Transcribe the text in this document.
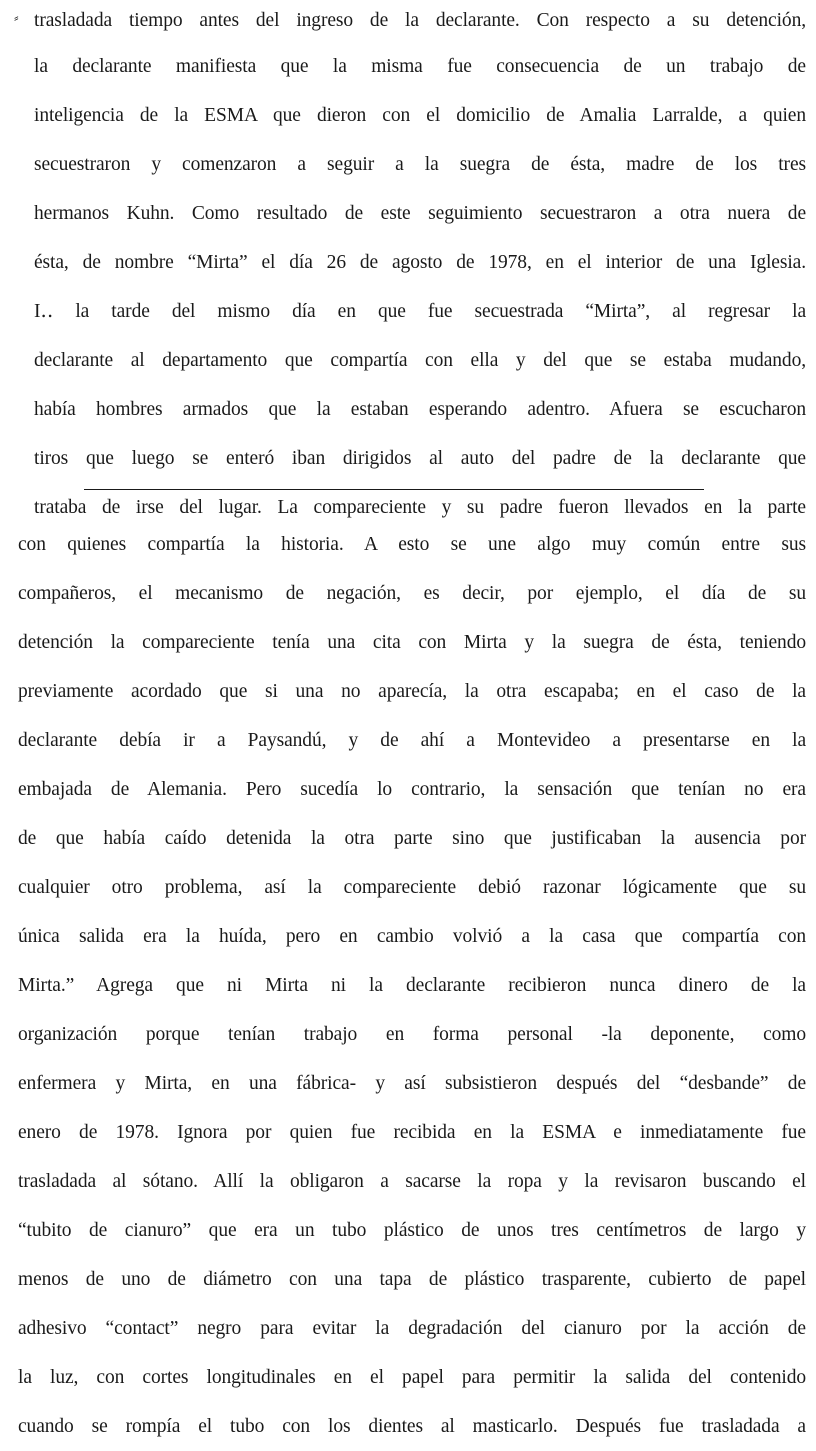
⸗ trasladada tiempo antes del ingreso de la declarante. Con respecto a su detención,
la declarante manifiesta que la misma fue consecuencia de un trabajo de
inteligencia de la ESMA que dieron con el domicilio de Amalia Larralde, a quien
secuestraron y comenzaron a seguir a la suegra de ésta, madre de los tres
hermanos Kuhn. Como resultado de este seguimiento secuestraron a otra nuera de
ésta, de nombre “Mirta” el día 26 de agosto de 1978, en el interior de una Iglesia.
I‥ la tarde del mismo día en que fue secuestrada “Mirta”, al regresar la
declarante al departamento que compartía con ella y del que se estaba mudando,
había hombres armados que la estaban esperando adentro. Afuera se escucharon
tiros que luego se enteró iban dirigidos al auto del padre de la declarante que
trataba de irse del lugar. La compareciente y su padre fueron llevados en la parte
con quienes compartía la historia. A esto se une algo muy común entre sus
compañeros, el mecanismo de negación, es decir, por ejemplo, el día de su
detención la compareciente tenía una cita con Mirta y la suegra de ésta, teniendo
previamente acordado que si una no aparecía, la otra escapaba; en el caso de la
declarante debía ir a Paysandú, y de ahí a Montevideo a presentarse en la
embajada de Alemania. Pero sucedía lo contrario, la sensación que tenían no era
de que había caído detenida la otra parte sino que justificaban la ausencia por
cualquier otro problema, así la compareciente debió razonar lógicamente que su
única salida era la huída, pero en cambio volvió a la casa que compartía con
Mirta.” Agrega que ni Mirta ni la declarante recibieron nunca dinero de la
organización porque tenían trabajo en forma personal -la deponente, como
enfermera y Mirta, en una fábrica- y así subsistieron después del “desbande” de
enero de 1978. Ignora por quien fue recibida en la ESMA e inmediatamente fue
trasladada al sótano. Allí la obligaron a sacarse la ropa y la revisaron buscando el
“tubito de cianuro” que era un tubo plástico de unos tres centímetros de largo y
menos de uno de diámetro con una tapa de plástico trasparente, cubierto de papel
adhesivo “contact” negro para evitar la degradación del cianuro por la acción de
la luz, con cortes longitudinales en el papel para permitir la salida del contenido
cuando se rompía el tubo con los dientes al masticarlo. Después fue trasladada a
